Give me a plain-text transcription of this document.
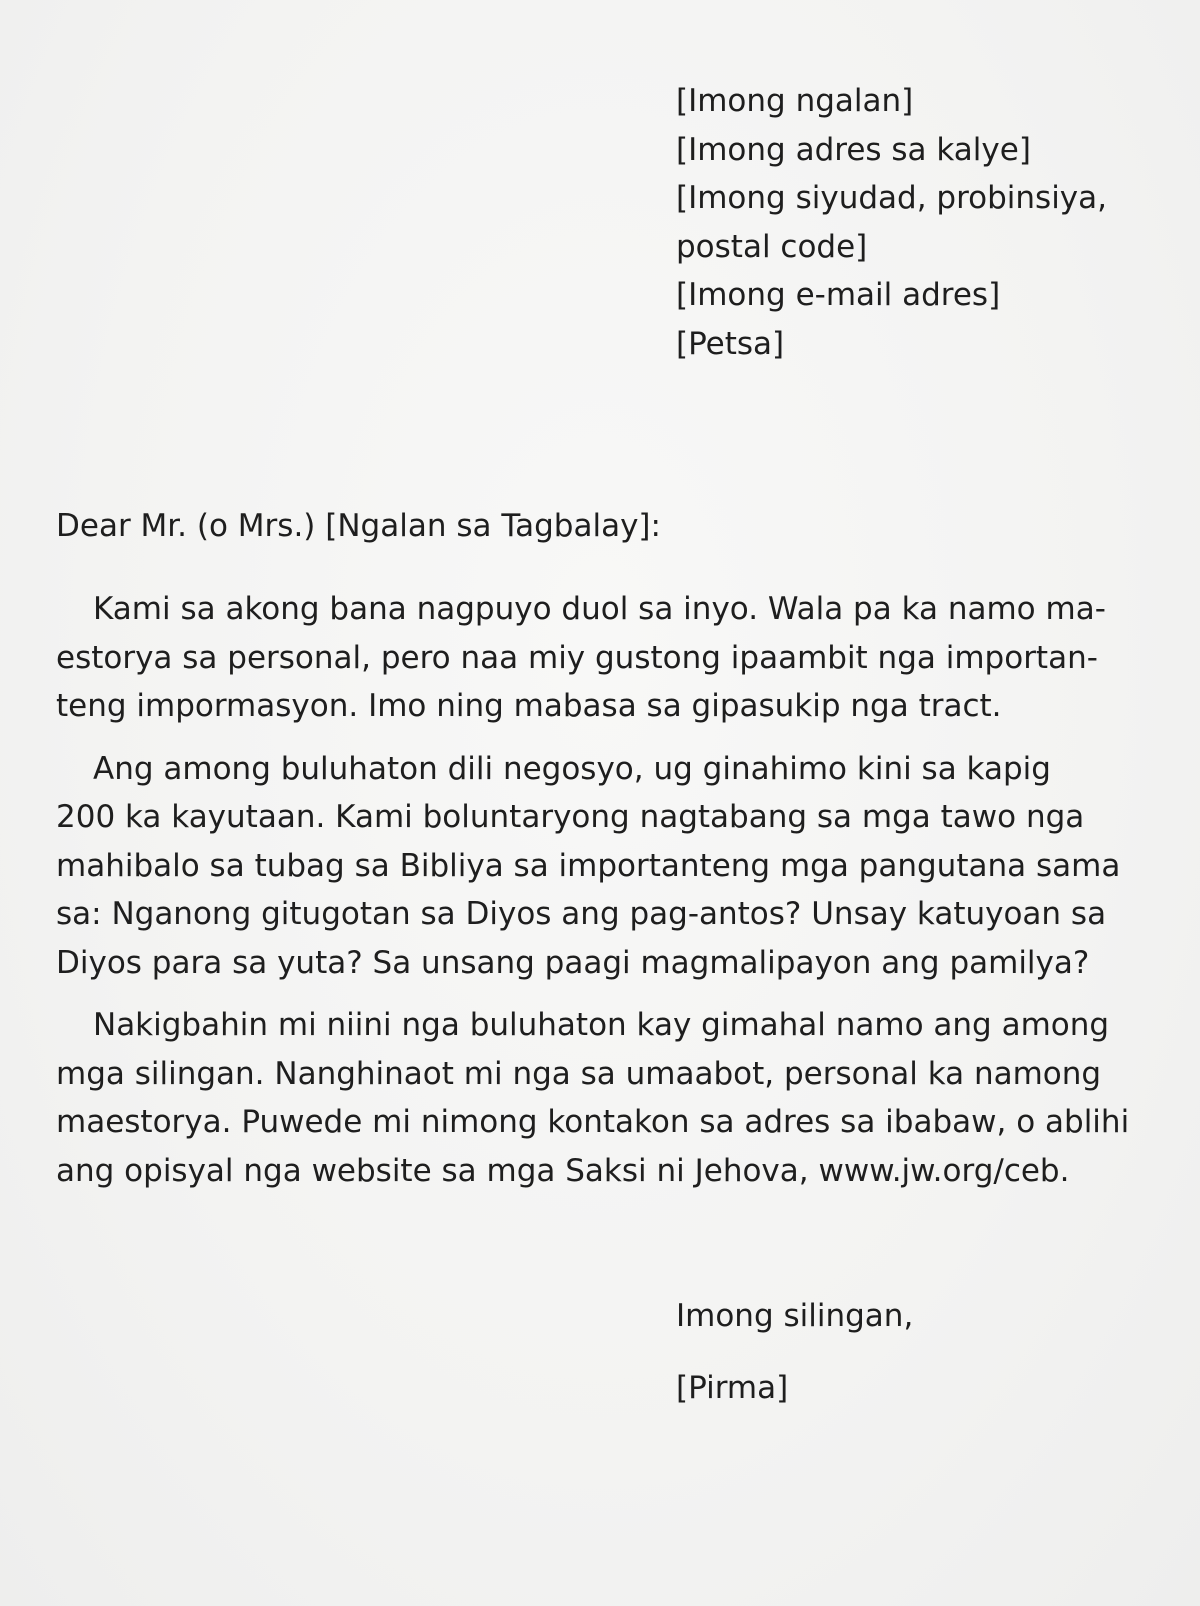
[Imong ngalan]
[Imong adres sa kalye]
[Imong siyudad, probinsiya,
postal code]
[Imong e-mail adres]
[Petsa]
Dear Mr. (o Mrs.) [Ngalan sa Tagbalay]:

Kami sa akong bana nagpuyo duol sa inyo. Wala pa ka namo ma-
estorya sa personal, pero naa miy gustong ipaambit nga importan-
teng impormasyon. Imo ning mabasa sa gipasukip nga tract.

Ang among buluhaton dili negosyo, ug ginahimo kini sa kapig
200 ka kayutaan. Kami boluntaryong nagtabang sa mga tawo nga
mahibalo sa tubag sa Bibliya sa importanteng mga pangutana sama
sa: Nganong gitugotan sa Diyos ang pag-antos? Unsay katuyoan sa
Diyos para sa yuta? Sa unsang paagi magmalipayon ang pamilya?

Nakigbahin mi niini nga buluhaton kay gimahal namo ang among
mga silingan. Nanghinaot mi nga sa umaabot, personal ka namong
maestorya. Puwede mi nimong kontakon sa adres sa ibabaw, o ablihi
ang opisyal nga website sa mga Saksi ni Jehova, www.jw.org/ceb.

Imong silingan,
[Pirma]
